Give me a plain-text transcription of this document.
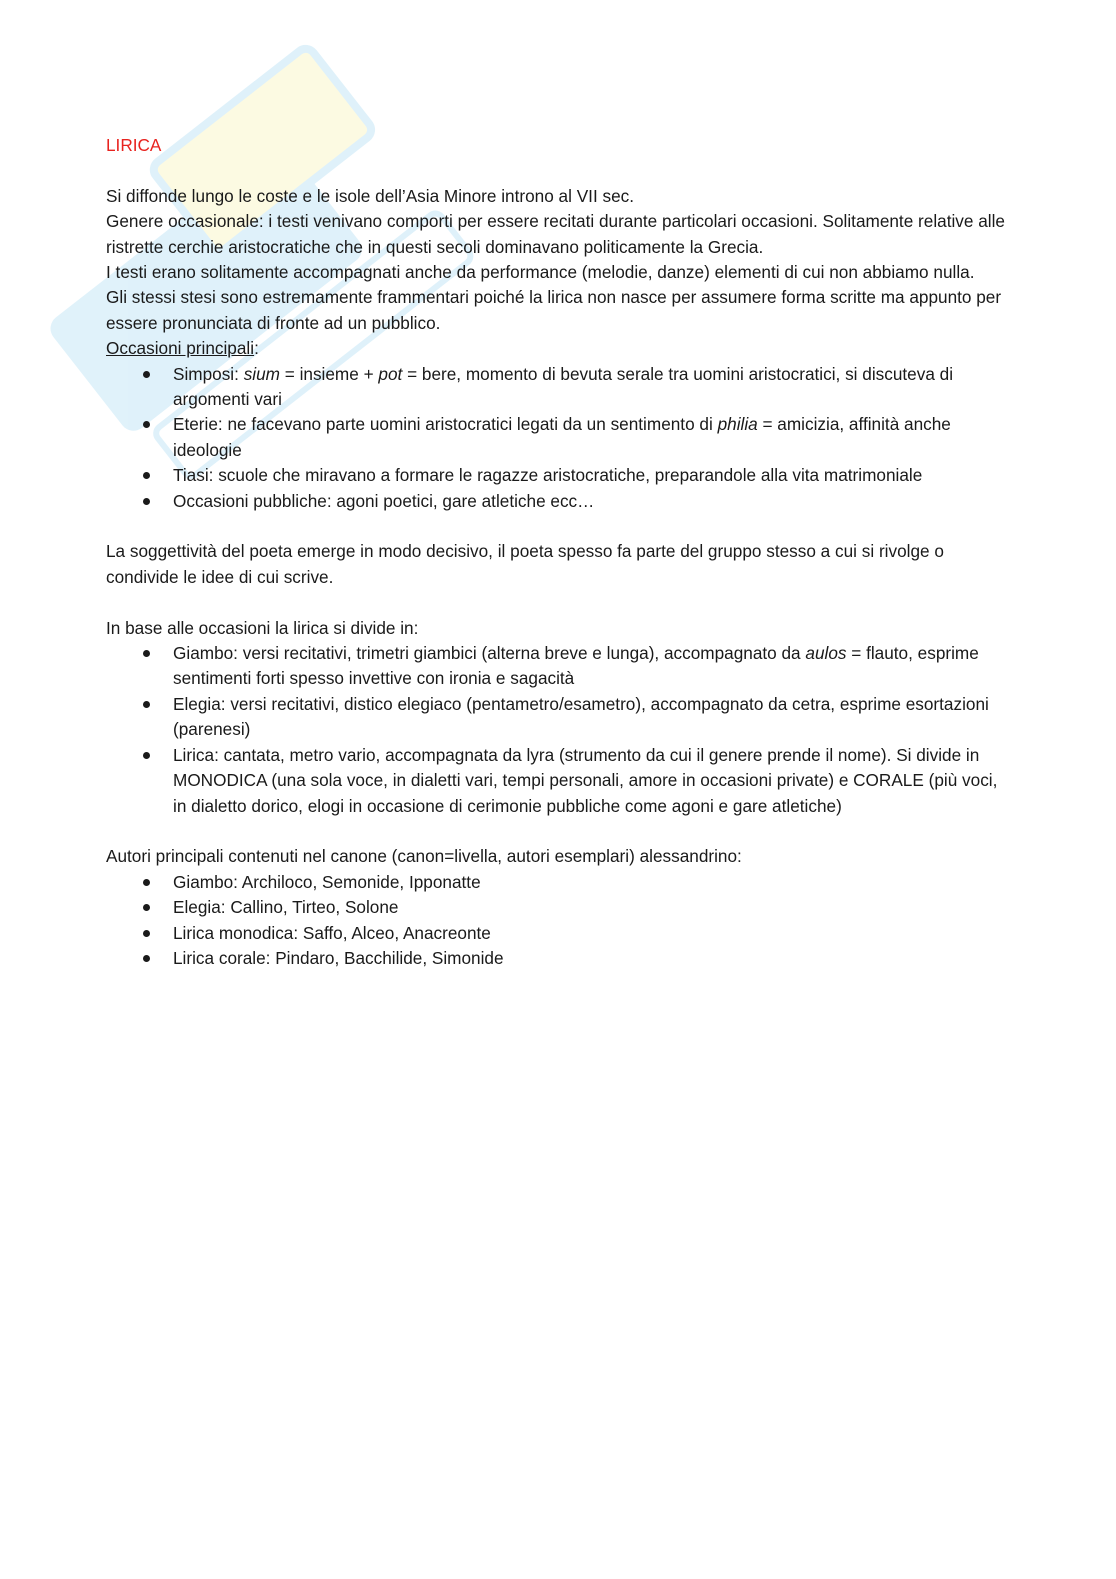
LIRICA

Si diffonde lungo le coste e le isole dell’Asia Minore introno al VII sec.

Genere occasionale: i testi venivano comporti per essere recitati durante particolari occasioni. Solitamente relative alle ristrette cerchie aristocratiche che in questi secoli dominavano politicamente la Grecia.

I testi erano solitamente accompagnati anche da performance (melodie, danze) elementi di cui non abbiamo nulla.

Gli stessi stesi sono estremamente frammentari poiché la lirica non nasce per assumere forma scritte ma appunto per essere pronunciata di fronte ad un pubblico.

Occasioni principali:

Simposi: sium = insieme + pot = bere, momento di bevuta serale tra uomini aristocratici, si discuteva di argomenti vari
Eterie: ne facevano parte uomini aristocratici legati da un sentimento di philia = amicizia, affinità anche ideologie
Tiasi: scuole che miravano a formare le ragazze aristocratiche, preparandole alla vita matrimoniale
Occasioni pubbliche: agoni poetici, gare atletiche ecc…

La soggettività del poeta emerge in modo decisivo, il poeta spesso fa parte del gruppo stesso a cui si rivolge o condivide le idee di cui scrive.

In base alle occasioni la lirica si divide in:

Giambo: versi recitativi, trimetri giambici (alterna breve e lunga), accompagnato da aulos = flauto, esprime sentimenti forti spesso invettive con ironia e sagacità
Elegia: versi recitativi, distico elegiaco (pentametro/esametro), accompagnato da cetra, esprime esortazioni (parenesi)
Lirica: cantata, metro vario, accompagnata da lyra (strumento da cui il genere prende il nome). Si divide in MONODICA (una sola voce, in dialetti vari, tempi personali, amore in occasioni private) e CORALE (più voci, in dialetto dorico, elogi in occasione di cerimonie pubbliche come agoni e gare atletiche)

Autori principali contenuti nel canone (canon=livella, autori esemplari) alessandrino:

Giambo: Archiloco, Semonide, Ipponatte
Elegia: Callino, Tirteo, Solone
Lirica monodica: Saffo, Alceo, Anacreonte
Lirica corale: Pindaro, Bacchilide, Simonide
